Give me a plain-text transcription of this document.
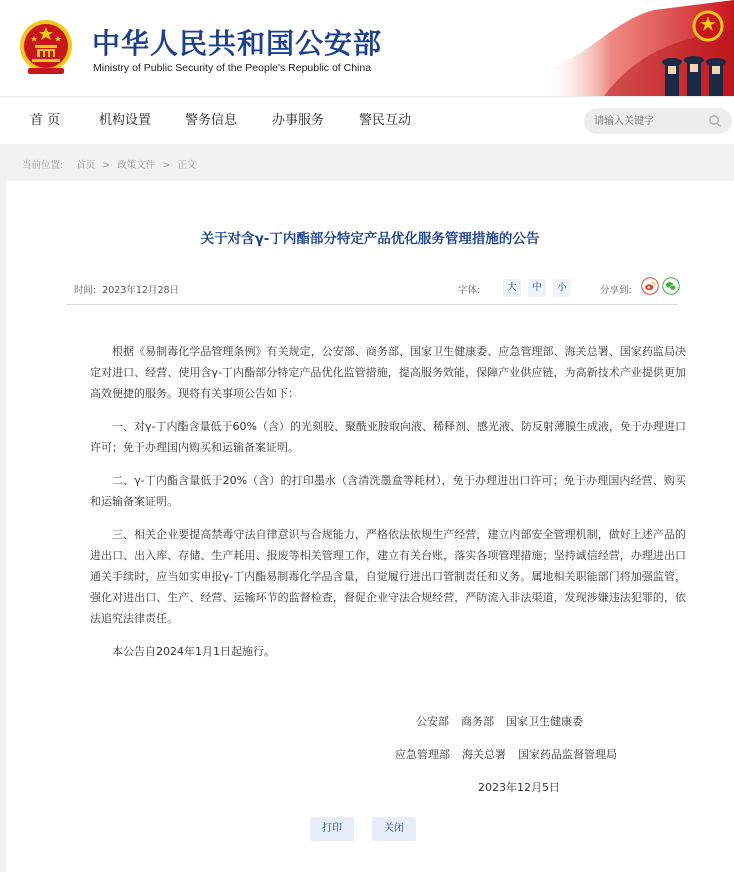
中华人民共和国公安部
Ministry of Public Security of the People's Republic of China
首 页	机构设置	警务信息	办事服务	警民互动
请输入关键字
当前位置: 首页 > 政策文件 > 正文
关于对含γ-丁内酯部分特定产品优化服务管理措施的公告
时间: 2023年12月28日	字体:	大	中	小	分享到:

根据《易制毒化学品管理条例》有关规定，公安部、商务部、国家卫生健康委、应急管理部、海关总署、国家药监局决定对进口、经营、使用含γ-丁内酯部分特定产品优化监管措施，提高服务效能，保障产业供应链，为高新技术产业提供更加高效便捷的服务。现将有关事项公告如下：

一、对γ-丁内酯含量低于60%（含）的光刻胶、聚酰亚胺取向液、稀释剂、感光液、防反射薄膜生成液，免于办理进口许可；免于办理国内购买和运输备案证明。

二、γ-丁内酯含量低于20%（含）的打印墨水（含清洗墨盒等耗材），免于办理进出口许可；免于办理国内经营、购买和运输备案证明。

三、相关企业要提高禁毒守法自律意识与合规能力，严格依法依规生产经营，建立内部安全管理机制，做好上述产品的进出口、出入库、存储、生产耗用、报废等相关管理工作，建立有关台账，落实各项管理措施；坚持诚信经营，办理进出口通关手续时，应当如实申报γ-丁内酯易制毒化学品含量，自觉履行进出口管制责任和义务。属地相关职能部门将加强监管，强化对进出口、生产、经营、运输环节的监督检查，督促企业守法合规经营，严防流入非法渠道，发现涉嫌违法犯罪的，依法追究法律责任。

本公告自2024年1月1日起施行。

公安部 商务部 国家卫生健康委
应急管理部 海关总署 国家药品监督管理局
2023年12月5日
打印	关闭
